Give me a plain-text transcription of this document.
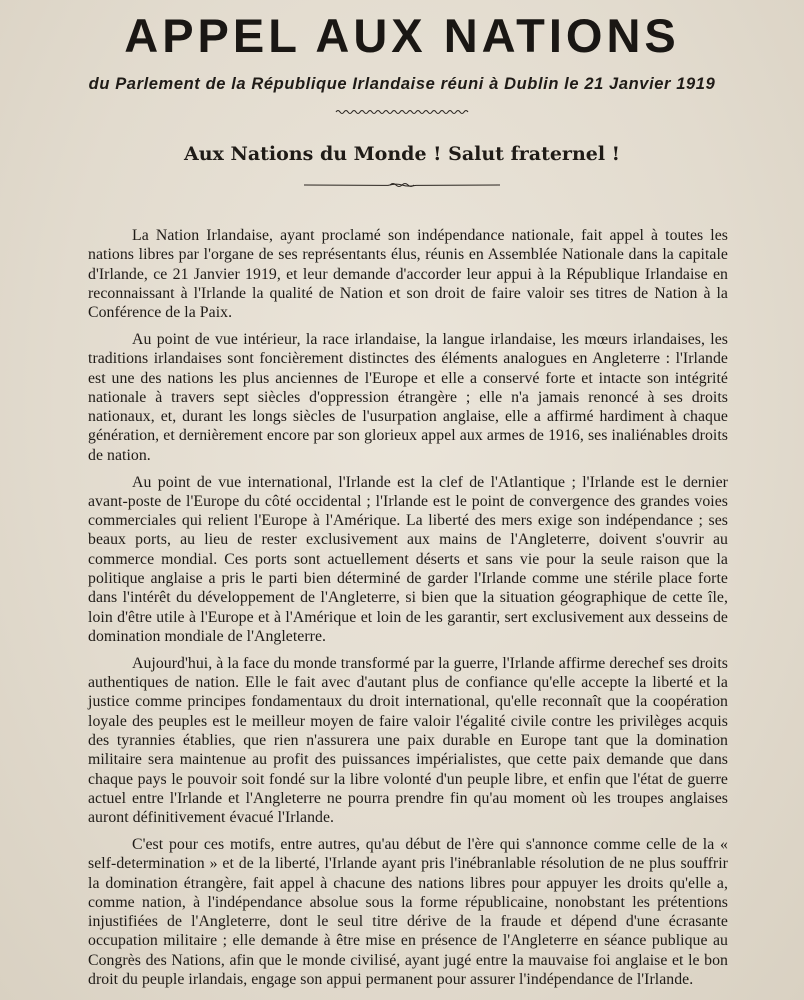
APPEL AUX NATIONS
du Parlement de la République Irlandaise réuni à Dublin le 21 Janvier 1919
Aux Nations du Monde ! Salut fraternel !

La Nation Irlandaise, ayant proclamé son indépendance nationale, fait appel à toutes les nations libres par l'organe de ses représentants élus, réunis en Assemblée Nationale dans la capitale d'Irlande, ce 21 Janvier 1919, et leur demande d'accorder leur appui à la République Irlandaise en reconnaissant à l'Irlande la qualité de Nation et son droit de faire valoir ses titres de Nation à la Conférence de la Paix.

Au point de vue intérieur, la race irlandaise, la langue irlandaise, les mœurs irlandaises, les traditions irlandaises sont foncièrement distinctes des éléments analogues en Angleterre : l'Irlande est une des nations les plus anciennes de l'Europe et elle a conservé forte et intacte son intégrité nationale à travers sept siècles d'oppression étrangère ; elle n'a jamais renoncé à ses droits nationaux, et, durant les longs siècles de l'usurpation anglaise, elle a affirmé hardiment à chaque génération, et dernièrement encore par son glorieux appel aux armes de 1916, ses inaliénables droits de nation.

Au point de vue international, l'Irlande est la clef de l'Atlantique ; l'Irlande est le dernier avant-poste de l'Europe du côté occidental ; l'Irlande est le point de convergence des grandes voies commerciales qui relient l'Europe à l'Amérique. La liberté des mers exige son indépendance ; ses beaux ports, au lieu de rester exclusivement aux mains de l'Angleterre, doivent s'ouvrir au commerce mondial. Ces ports sont actuellement déserts et sans vie pour la seule raison que la politique anglaise a pris le parti bien déterminé de garder l'Irlande comme une stérile place forte dans l'intérêt du développement de l'Angleterre, si bien que la situation géographique de cette île, loin d'être utile à l'Europe et à l'Amérique et loin de les garantir, sert exclusivement aux desseins de domination mondiale de l'Angleterre.

Aujourd'hui, à la face du monde transformé par la guerre, l'Irlande affirme derechef ses droits authentiques de nation. Elle le fait avec d'autant plus de confiance qu'elle accepte la liberté et la justice comme principes fondamentaux du droit international, qu'elle reconnaît que la coopération loyale des peuples est le meilleur moyen de faire valoir l'égalité civile contre les privilèges acquis des tyrannies établies, que rien n'assurera une paix durable en Europe tant que la domination militaire sera maintenue au profit des puissances impérialistes, que cette paix demande que dans chaque pays le pouvoir soit fondé sur la libre volonté d'un peuple libre, et enfin que l'état de guerre actuel entre l'Irlande et l'Angleterre ne pourra prendre fin qu'au moment où les troupes anglaises auront définitivement évacué l'Irlande.

C'est pour ces motifs, entre autres, qu'au début de l'ère qui s'annonce comme celle de la « self-determination » et de la liberté, l'Irlande ayant pris l'inébranlable résolution de ne plus souffrir la domination étrangère, fait appel à chacune des nations libres pour appuyer les droits qu'elle a, comme nation, à l'indépendance absolue sous la forme républicaine, nonobstant les prétentions injustifiées de l'Angleterre, dont le seul titre dérive de la fraude et dépend d'une écrasante occupation militaire ; elle demande à être mise en présence de l'Angleterre en séance publique au Congrès des Nations, afin que le monde civilisé, ayant jugé entre la mauvaise foi anglaise et le bon droit du peuple irlandais, engage son appui permanent pour assurer l'indépendance de l'Irlande.
